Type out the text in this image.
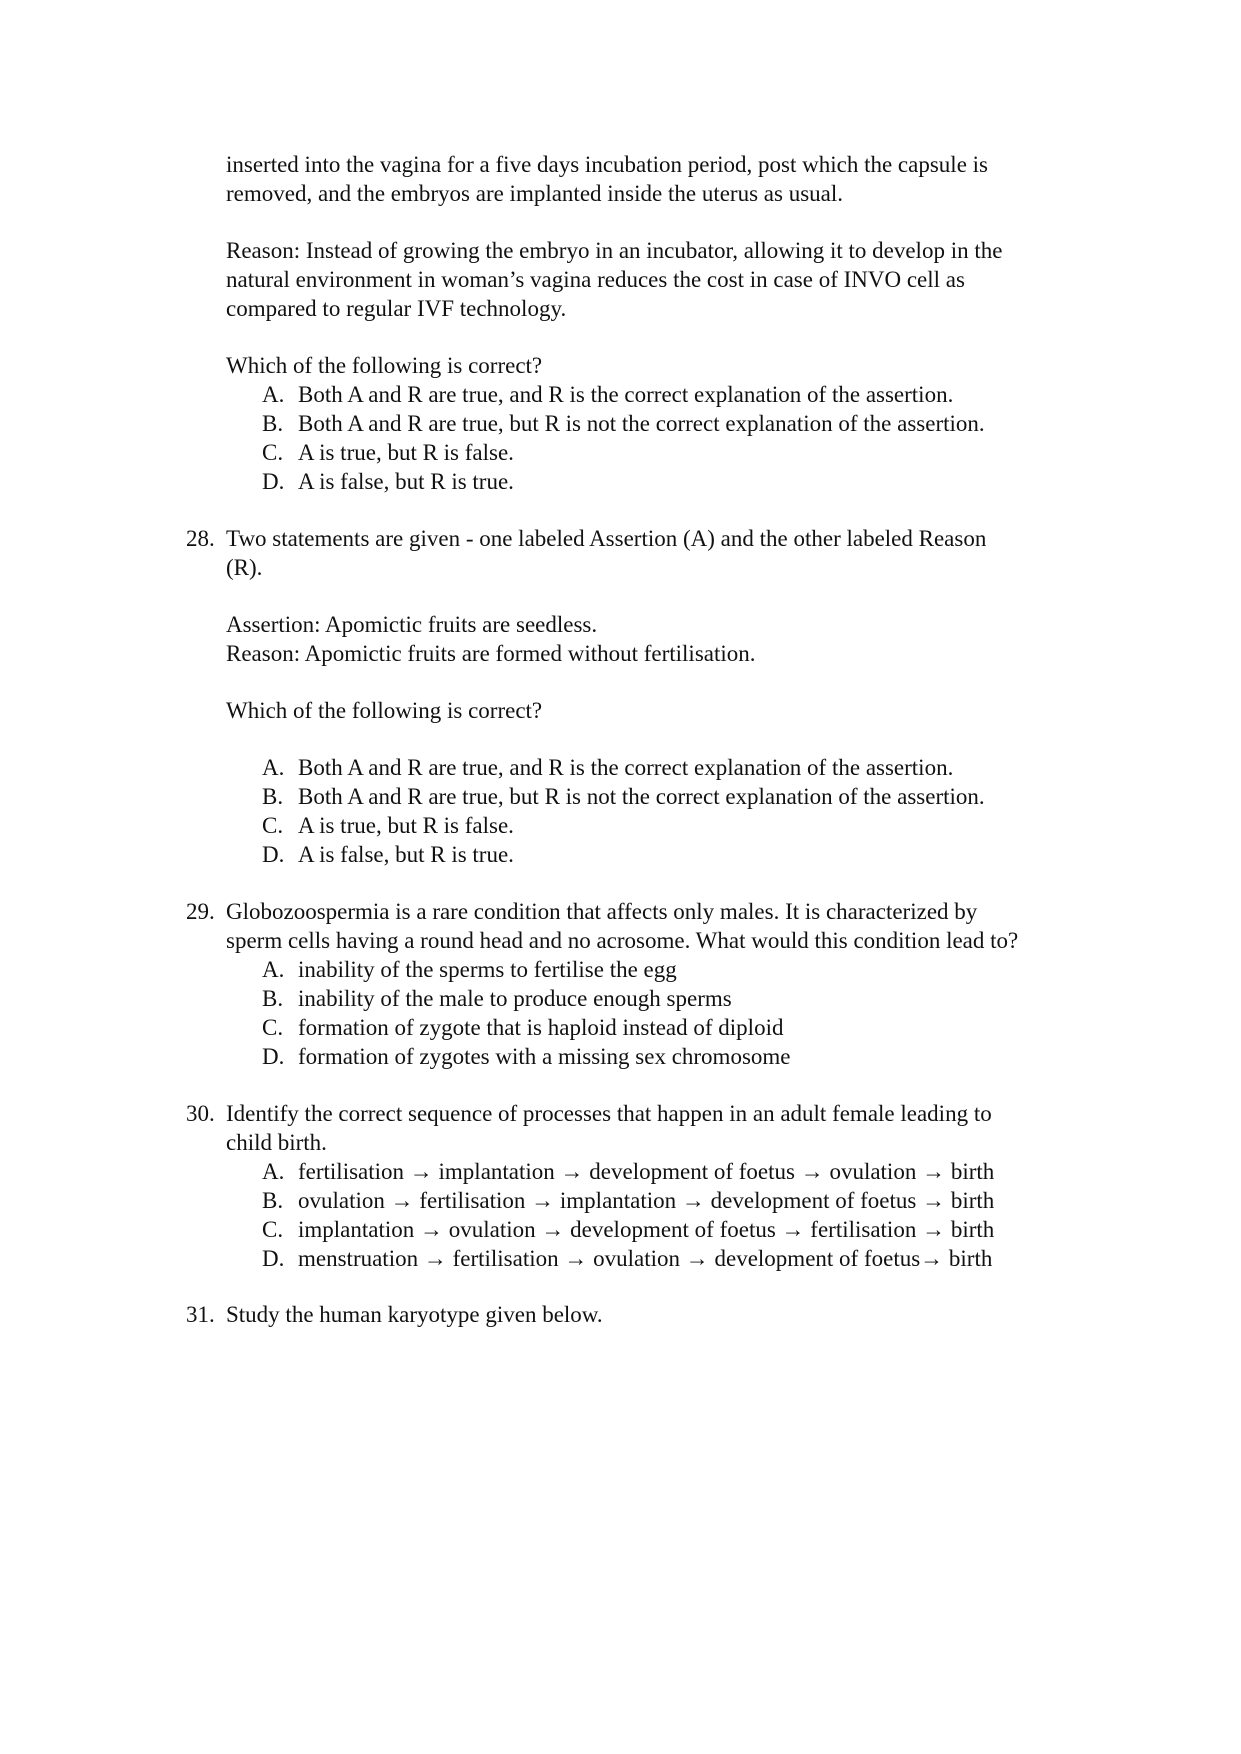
inserted into the vagina for a five days incubation period, post which the capsule is
removed, and the embryos are implanted inside the uterus as usual.
Reason: Instead of growing the embryo in an incubator, allowing it to develop in the
natural environment in woman’s vagina reduces the cost in case of INVO cell as
compared to regular IVF technology.
Which of the following is correct?
A. Both A and R are true, and R is the correct explanation of the assertion.
B. Both A and R are true, but R is not the correct explanation of the assertion.
C. A is true, but R is false.
D. A is false, but R is true.
28. Two statements are given - one labeled Assertion (A) and the other labeled Reason
(R).
Assertion: Apomictic fruits are seedless.
Reason: Apomictic fruits are formed without fertilisation.
Which of the following is correct?
A. Both A and R are true, and R is the correct explanation of the assertion.
B. Both A and R are true, but R is not the correct explanation of the assertion.
C. A is true, but R is false.
D. A is false, but R is true.
29. Globozoospermia is a rare condition that affects only males. It is characterized by
sperm cells having a round head and no acrosome. What would this condition lead to?
A. inability of the sperms to fertilise the egg
B. inability of the male to produce enough sperms
C. formation of zygote that is haploid instead of diploid
D. formation of zygotes with a missing sex chromosome
30. Identify the correct sequence of processes that happen in an adult female leading to
child birth.
A. fertilisation → implantation → development of foetus → ovulation → birth
B. ovulation → fertilisation → implantation → development of foetus → birth
C. implantation → ovulation → development of foetus → fertilisation → birth
D. menstruation → fertilisation → ovulation → development of foetus→ birth
31. Study the human karyotype given below.
